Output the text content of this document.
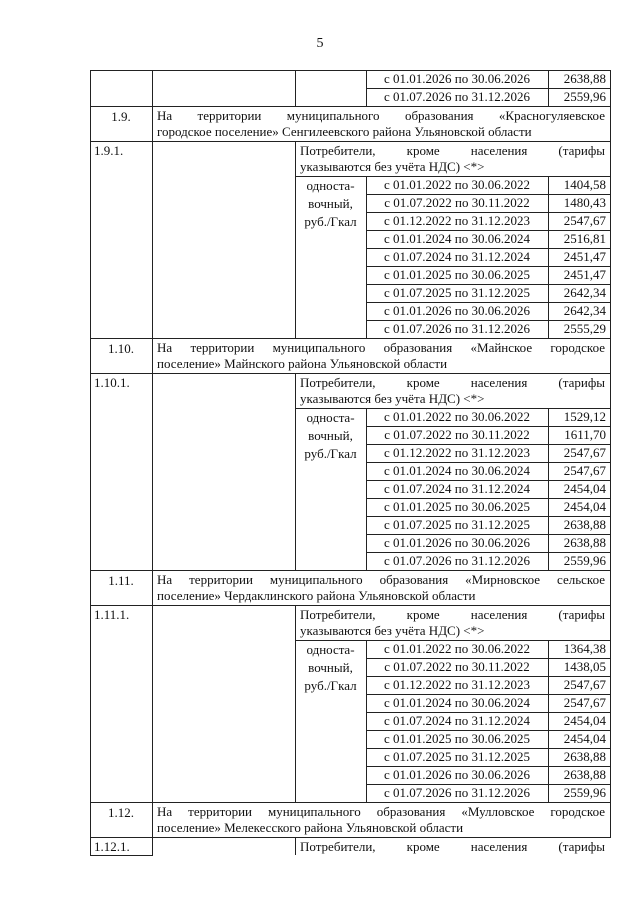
5
с 01.01.2026 по 30.06.2026	2638,88
с 01.07.2026 по 31.12.2026	2559,96
1.9.	На территории муниципального образования «Красногуляевское
городское поселение» Сенгилеевского района Ульяновской области
1.9.1.	Потребители, кроме населения (тарифы
указываются без учёта НДС) <*>
одностa-
вочный,
руб./Гкал
с 01.01.2022 по 30.06.2022	1404,58
с 01.07.2022 по 30.11.2022	1480,43
с 01.12.2022 по 31.12.2023	2547,67
с 01.01.2024 по 30.06.2024	2516,81
с 01.07.2024 по 31.12.2024	2451,47
с 01.01.2025 по 30.06.2025	2451,47
с 01.07.2025 по 31.12.2025	2642,34
с 01.01.2026 по 30.06.2026	2642,34
с 01.07.2026 по 31.12.2026	2555,29
1.10.	На территории муниципального образования «Майнское городское
поселение» Майнского района Ульяновской области
1.10.1.	Потребители, кроме населения (тарифы
указываются без учёта НДС) <*>
одностa-
вочный,
руб./Гкал
с 01.01.2022 по 30.06.2022	1529,12
с 01.07.2022 по 30.11.2022	1611,70
с 01.12.2022 по 31.12.2023	2547,67
с 01.01.2024 по 30.06.2024	2547,67
с 01.07.2024 по 31.12.2024	2454,04
с 01.01.2025 по 30.06.2025	2454,04
с 01.07.2025 по 31.12.2025	2638,88
с 01.01.2026 по 30.06.2026	2638,88
с 01.07.2026 по 31.12.2026	2559,96
1.11.	На территории муниципального образования «Мирновское сельское
поселение» Чердаклинского района Ульяновской области
1.11.1.	Потребители, кроме населения (тарифы
указываются без учёта НДС) <*>
одностa-
вочный,
руб./Гкал
с 01.01.2022 по 30.06.2022	1364,38
с 01.07.2022 по 30.11.2022	1438,05
с 01.12.2022 по 31.12.2023	2547,67
с 01.01.2024 по 30.06.2024	2547,67
с 01.07.2024 по 31.12.2024	2454,04
с 01.01.2025 по 30.06.2025	2454,04
с 01.07.2025 по 31.12.2025	2638,88
с 01.01.2026 по 30.06.2026	2638,88
с 01.07.2026 по 31.12.2026	2559,96
1.12.	На территории муниципального образования «Мулловское городское
поселение» Мелекесского района Ульяновской области
1.12.1.	Потребители, кроме населения (тарифы
